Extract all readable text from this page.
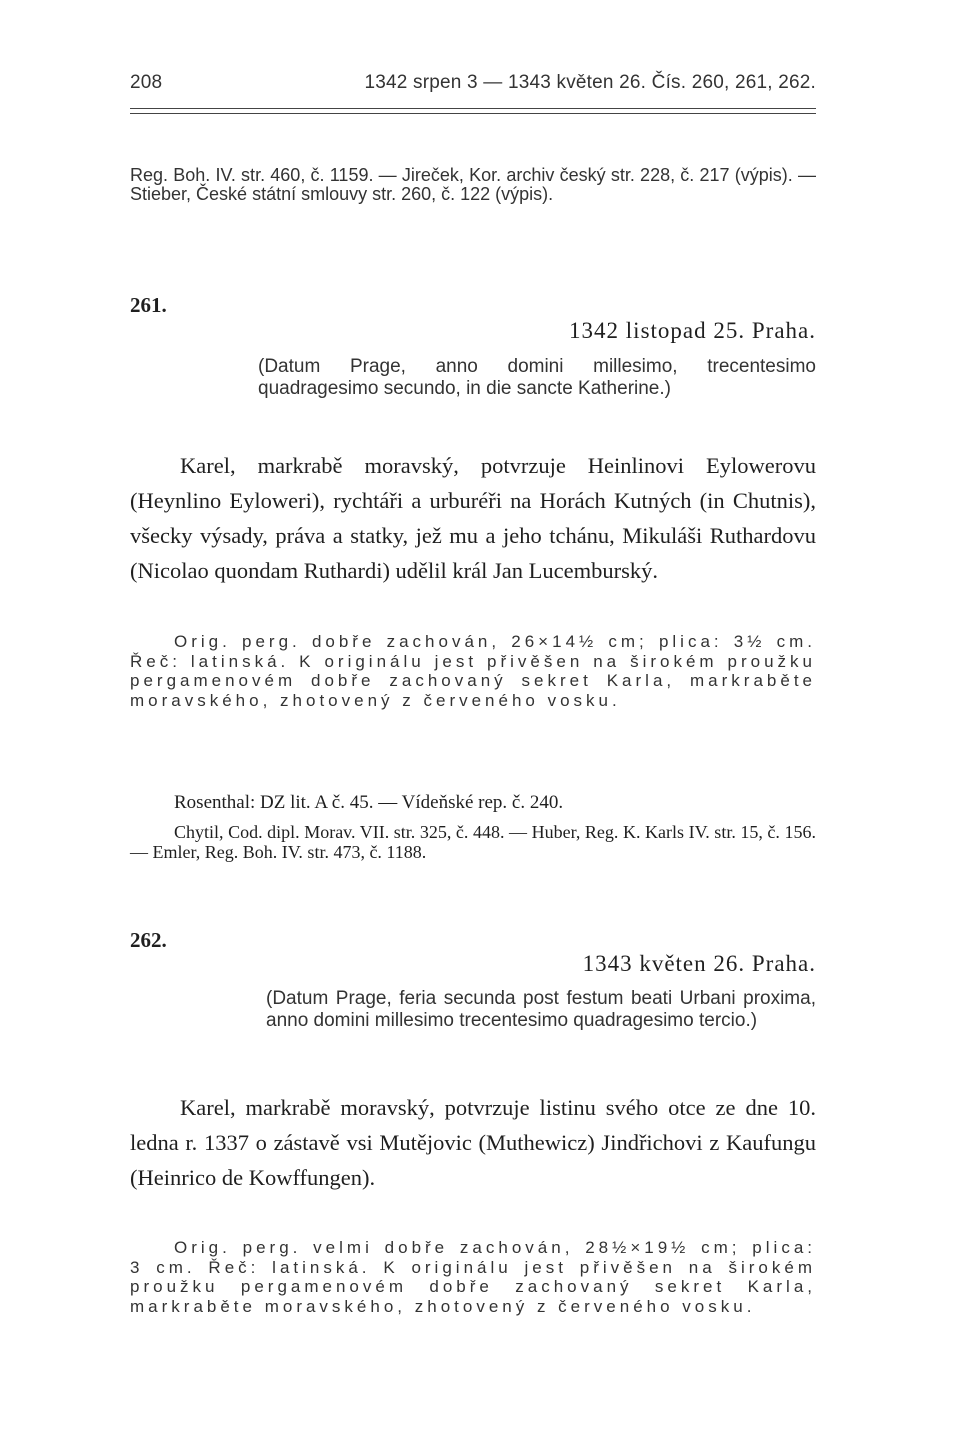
208	1342 srpen 3 — 1343 květen 26. Čís. 260, 261, 262.
Reg. Boh. IV. str. 460, č. 1159. — Jireček, Kor. archiv český str. 228, č. 217 (výpis). — Stieber, České státní smlouvy str. 260, č. 122 (výpis).
261.
1342 listopad 25. Praha.
(Datum Prage, anno domini millesimo, trecentesimo quadragesimo secundo, in die sancte Katherine.)
Karel, markrabě moravský, potvrzuje Heinlinovi Eylowerovu (Heynlino Eyloweri), rychtáři a urburéři na Horách Kutných (in Chutnis), všecky výsady, práva a statky, jež mu a jeho tchánu, Mikuláši Ruthardovu (Nicolao quondam Ruthardi) udělil král Jan Lucemburský.
Orig. perg. dobře zachován, 26×14½ cm; plica: 3½ cm. Řeč: latinská. K originálu jest přivěšen na širokém proužku pergamenovém dobře zachovaný sekret Karla, markraběte moravského, zhotovený z červeného vosku.
Rosenthal: DZ lit. A č. 45. — Vídeňské rep. č. 240.
Chytil, Cod. dipl. Morav. VII. str. 325, č. 448. — Huber, Reg. K. Karls IV. str. 15, č. 156. — Emler, Reg. Boh. IV. str. 473, č. 1188.
262.
1343 květen 26. Praha.
(Datum Prage, feria secunda post festum beati Urbani proxima, anno domini millesimo trecentesimo quadragesimo tercio.)
Karel, markrabě moravský, potvrzuje listinu svého otce ze dne 10. ledna r. 1337 o zástavě vsi Mutějovic (Muthewicz) Jindřichovi z Kaufungu (Heinrico de Kowffungen).
Orig. perg. velmi dobře zachován, 28½×19½ cm; plica: 3 cm. Řeč: latinská. K originálu jest přivěšen na širokém proužku pergamenovém dobře zachovaný sekret Karla, markraběte moravského, zhotovený z červeného vosku.
